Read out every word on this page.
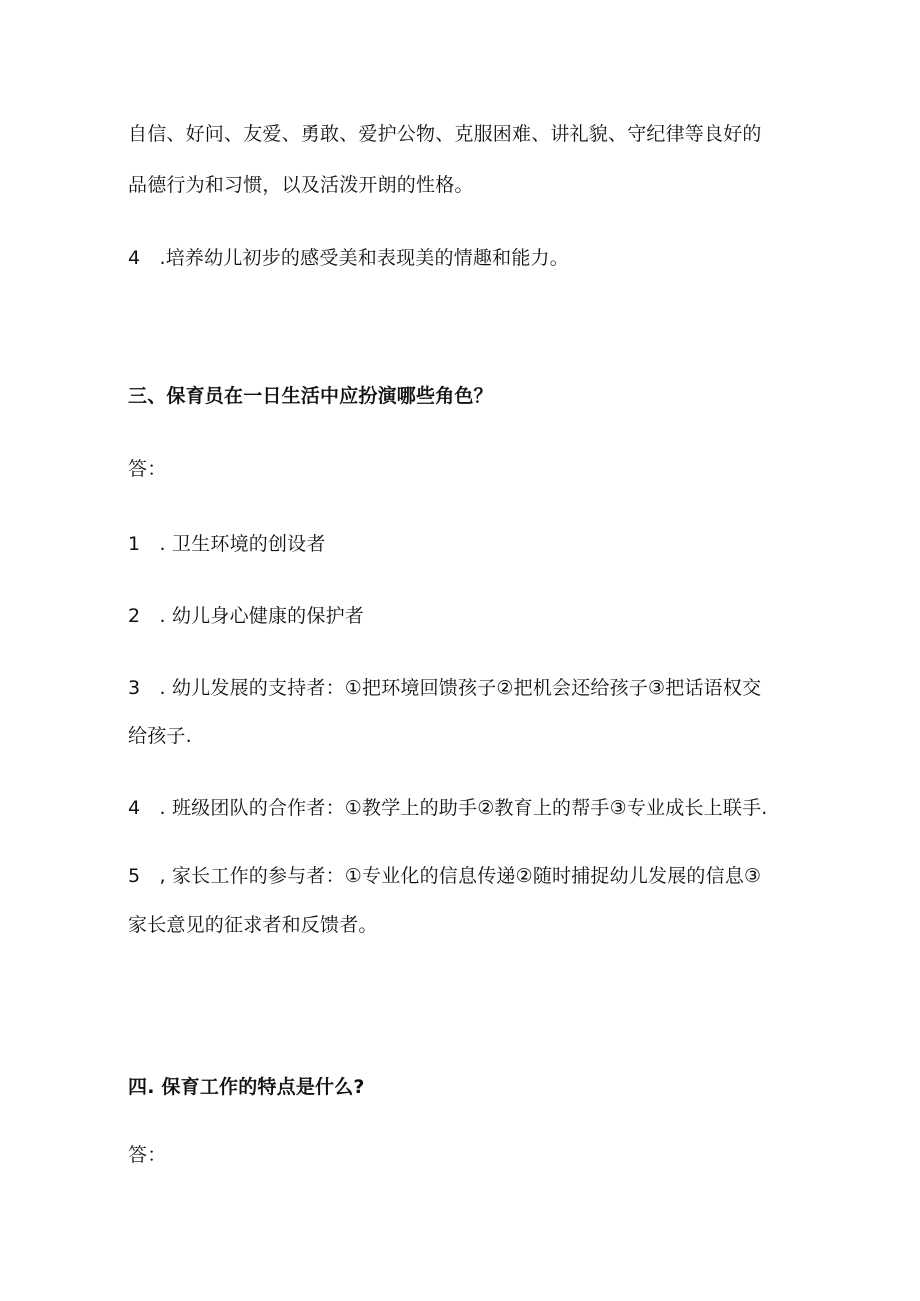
自信、好问、友爱、勇敢、爱护公物、克服困难、讲礼貌、守纪律等良好的
品德行为和习惯，以及活泼开朗的性格。
4　.培养幼儿初步的感受美和表现美的情趣和能力。
三、保育员在一日生活中应扮演哪些角色？
答：
1　. 卫生环境的创设者
2　. 幼儿身心健康的保护者
3　. 幼儿发展的支持者：①把环境回馈孩子②把机会还给孩子③把话语权交
给孩子.
4　. 班级团队的合作者：①教学上的助手②教育上的帮手③专业成长上联手.
5　, 家长工作的参与者：①专业化的信息传递②随时捕捉幼儿发展的信息③
家长意见的征求者和反馈者。
四. 保育工作的特点是什么?
答：
